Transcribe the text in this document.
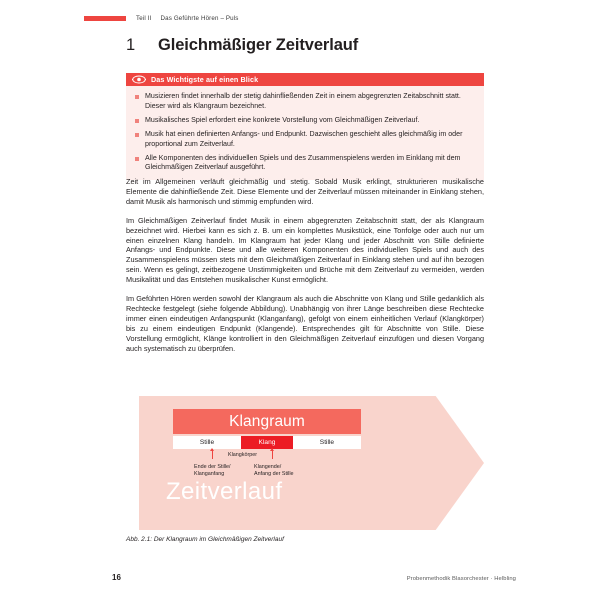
Teil II Das Geführte Hören – Puls
1	Gleichmäßiger Zeitverlauf
Das Wichtigste auf einen Blick
Musizieren findet innerhalb der stetig dahinfließenden Zeit in einem abgegrenzten Zeitabschnitt statt. Dieser wird als Klangraum bezeichnet.
Musikalisches Spiel erfordert eine konkrete Vorstellung vom Gleichmäßigen Zeitverlauf.
Musik hat einen definierten Anfangs- und Endpunkt. Dazwischen geschieht alles gleichmäßig im oder proportional zum Zeitverlauf.
Alle Komponenten des individuellen Spiels und des Zusammenspielens werden im Einklang mit dem Gleichmäßigen Zeitverlauf ausgeführt.

Zeit im Allgemeinen verläuft gleichmäßig und stetig. Sobald Musik erklingt, strukturieren musikalische Elemente die dahinfließende Zeit. Diese Elemente und der Zeitverlauf müssen miteinander in Einklang stehen, damit Musik als harmonisch und stimmig empfunden wird.

Im Gleichmäßigen Zeitverlauf findet Musik in einem abgegrenzten Zeitabschnitt statt, der als Klangraum bezeichnet wird. Hierbei kann es sich z. B. um ein komplettes Musikstück, eine Tonfolge oder auch nur um einen einzelnen Klang handeln. Im Klangraum hat jeder Klang und jeder Abschnitt von Stille definierte Anfangs- und Endpunkte. Diese und alle weiteren Komponenten des individuellen Spiels und auch des Zusammenspielens müssen stets mit dem Gleichmäßigen Zeitverlauf in Einklang stehen und auf ihn bezogen sein. Wenn es gelingt, zeitbezogene Unstimmigkeiten und Brüche mit dem Zeitverlauf zu vermeiden, werden Musikalität und das Entstehen musikalischer Kunst ermöglicht.

Im Geführten Hören werden sowohl der Klangraum als auch die Abschnitte von Klang und Stille gedanklich als Rechtecke festgelegt (siehe folgende Abbildung). Unabhängig von ihrer Länge beschreiben diese Rechtecke immer einen eindeutigen Anfangspunkt (Klanganfang), gefolgt von einem einheitlichen Verlauf (Klangkörper) bis zu einem eindeutigen Endpunkt (Klangende). Entsprechendes gilt für Abschnitte von Stille. Diese Vorstellung ermöglicht, Klänge kontrolliert in den Gleichmäßigen Zeitverlauf einzufügen und diesen Vorgang auch systematisch zu überprüfen.

Zeitverlauf
Klangraum
Stille	Klang	Stille
Klangkörper
Ende der Stille/
Klanganfang
Klangende/
Anfang der Stille
Abb. 2.1: Der Klangraum im Gleichmäßigen Zeitverlauf
16	Probenmethodik Blasorchester · Helbling
